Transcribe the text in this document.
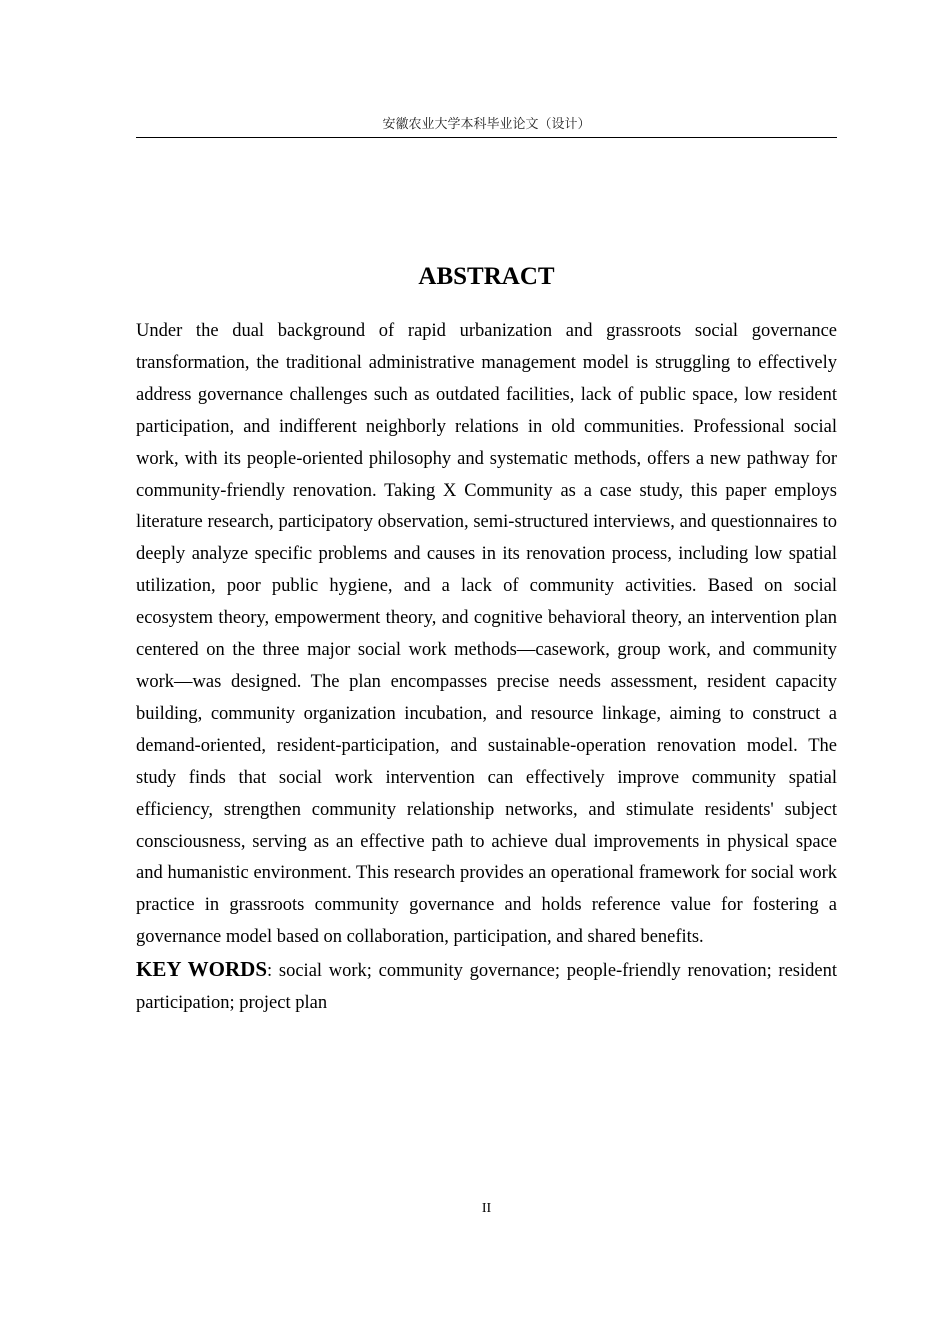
安徽农业大学本科毕业论文（设计）
ABSTRACT

Under the dual background of rapid urbanization and grassroots social governance transformation, the traditional administrative management model is struggling to effectively address governance challenges such as outdated facilities, lack of public space, low resident participation, and indifferent neighborly relations in old communities. Professional social work, with its people-oriented philosophy and systematic methods, offers a new pathway for community-friendly renovation. Taking X Community as a case study, this paper employs literature research, participatory observation, semi-structured interviews, and questionnaires to deeply analyze specific problems and causes in its renovation process, including low spatial utilization, poor public hygiene, and a lack of community activities. Based on social ecosystem theory, empowerment theory, and cognitive behavioral theory, an intervention plan centered on the three major social work methods—casework, group work, and community work—was designed. The plan encompasses precise needs assessment, resident capacity building, community organization incubation, and resource linkage, aiming to construct a demand-oriented, resident-participation, and sustainable-operation renovation model. The study finds that social work intervention can effectively improve community spatial efficiency, strengthen community relationship networks, and stimulate residents' subject consciousness, serving as an effective path to achieve dual improvements in physical space and humanistic environment. This research provides an operational framework for social work practice in grassroots community governance and holds reference value for fostering a governance model based on collaboration, participation, and shared benefits.

KEY WORDS: social work; community governance; people-friendly renovation; resident participation; project plan

II
